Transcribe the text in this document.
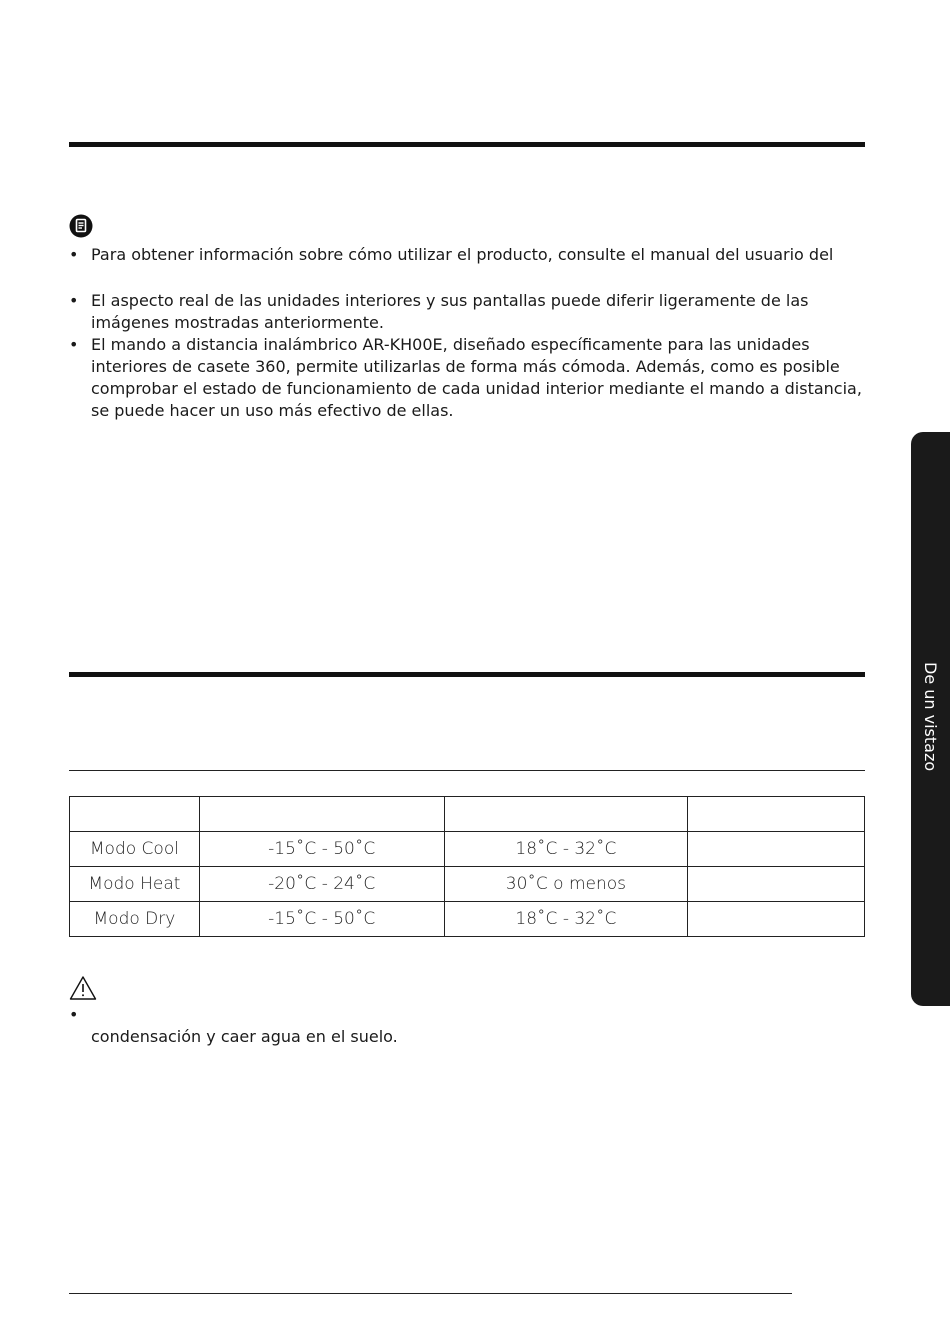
• Para obtener información sobre cómo utilizar el producto, consulte el manual del usuario del
• El aspecto real de las unidades interiores y sus pantallas puede diferir ligeramente de las imágenes mostradas anteriormente.
• El mando a distancia inalámbrico AR-KH00E, diseñado específicamente para las unidades interiores de casete 360, permite utilizarlas de forma más cómoda. Además, como es posible comprobar el estado de funcionamiento de cada unidad interior mediante el mando a distancia, se puede hacer un uso más efectivo de ellas.
De un vistazo

Modo Cool	-15˚C - 50˚C	18˚C - 32˚C	
Modo Heat	-20˚C - 24˚C	30˚C o menos	
Modo Dry	-15˚C - 50˚C	18˚C - 32˚C	

• condensación y caer agua en el suelo.
